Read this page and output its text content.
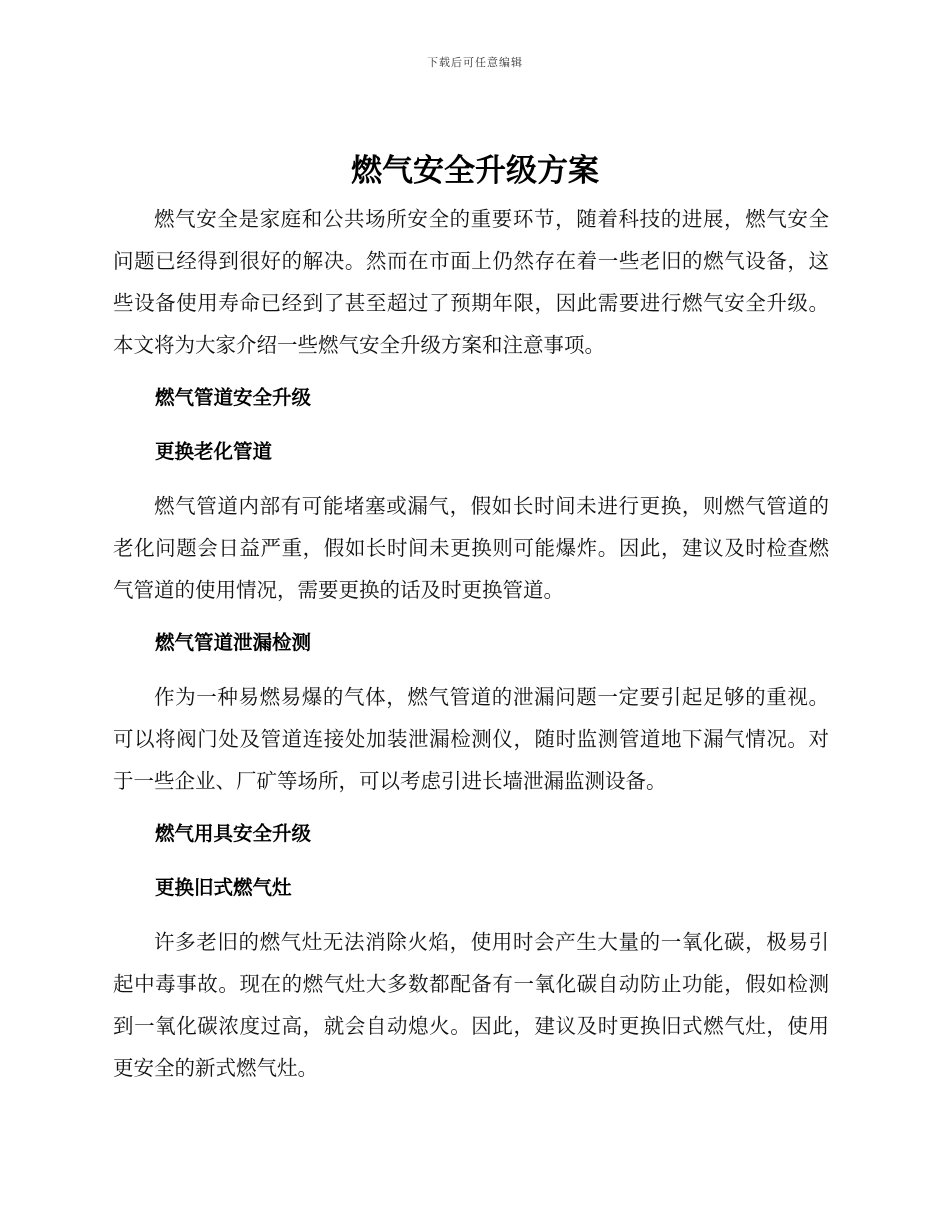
下载后可任意编辑
燃气安全升级方案

燃气安全是家庭和公共场所安全的重要环节，随着科技的进展，燃气安全问题已经得到很好的解决。然而在市面上仍然存在着一些老旧的燃气设备，这些设备使用寿命已经到了甚至超过了预期年限，因此需要进行燃气安全升级。本文将为大家介绍一些燃气安全升级方案和注意事项。

燃气管道安全升级
更换老化管道

燃气管道内部有可能堵塞或漏气，假如长时间未进行更换，则燃气管道的老化问题会日益严重，假如长时间未更换则可能爆炸。因此，建议及时检查燃气管道的使用情况，需要更换的话及时更换管道。

燃气管道泄漏检测

作为一种易燃易爆的气体，燃气管道的泄漏问题一定要引起足够的重视。可以将阀门处及管道连接处加装泄漏检测仪，随时监测管道地下漏气情况。对于一些企业、厂矿等场所，可以考虑引进长墙泄漏监测设备。

燃气用具安全升级
更换旧式燃气灶

许多老旧的燃气灶无法消除火焰，使用时会产生大量的一氧化碳，极易引起中毒事故。现在的燃气灶大多数都配备有一氧化碳自动防止功能，假如检测到一氧化碳浓度过高，就会自动熄火。因此，建议及时更换旧式燃气灶，使用更安全的新式燃气灶。
